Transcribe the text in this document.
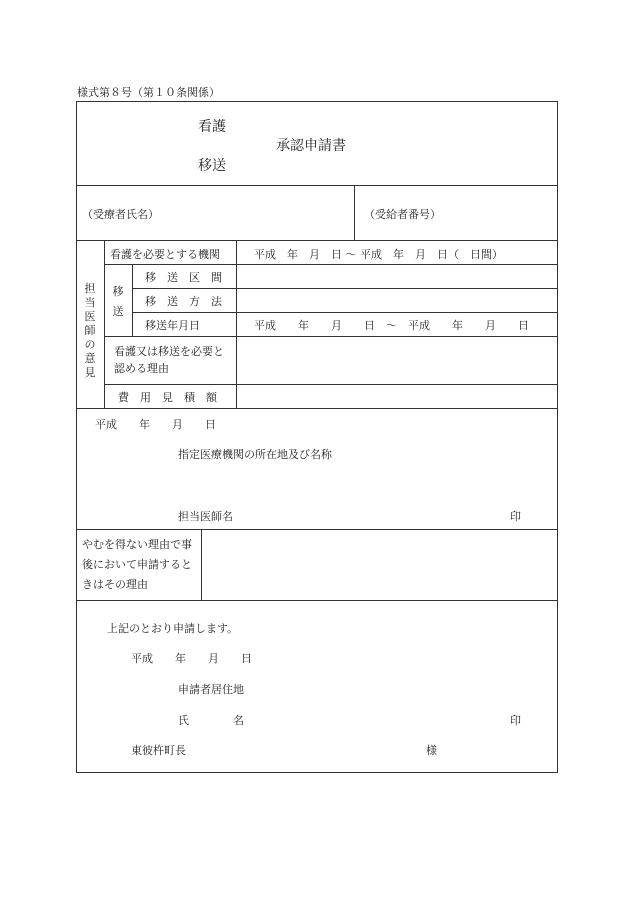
様式第８号（第１０条関係）
看護
移送
承認申請書
（受療者氏名）	（受給者番号）
担当医師の意見
看護を必要とする機関	平成　年　月　日 〜 平成　年　月　日（　日間）
移送
移　送　区　間
移　送　方　法
移送年月日	平成　　年　　月　　日　〜　平成　　年　　月　　日
看護又は移送を必要と認める理由
費　用　見　積　額
平成　　年　　月　　日
指定医療機関の所在地及び名称
担当医師名	印
やむを得ない理由で事後において申請するときはその理由
上記のとおり申請します。
平成　　年　　月　　日
申請者居住地
氏　　　　名	印
東彼杵町長	様
